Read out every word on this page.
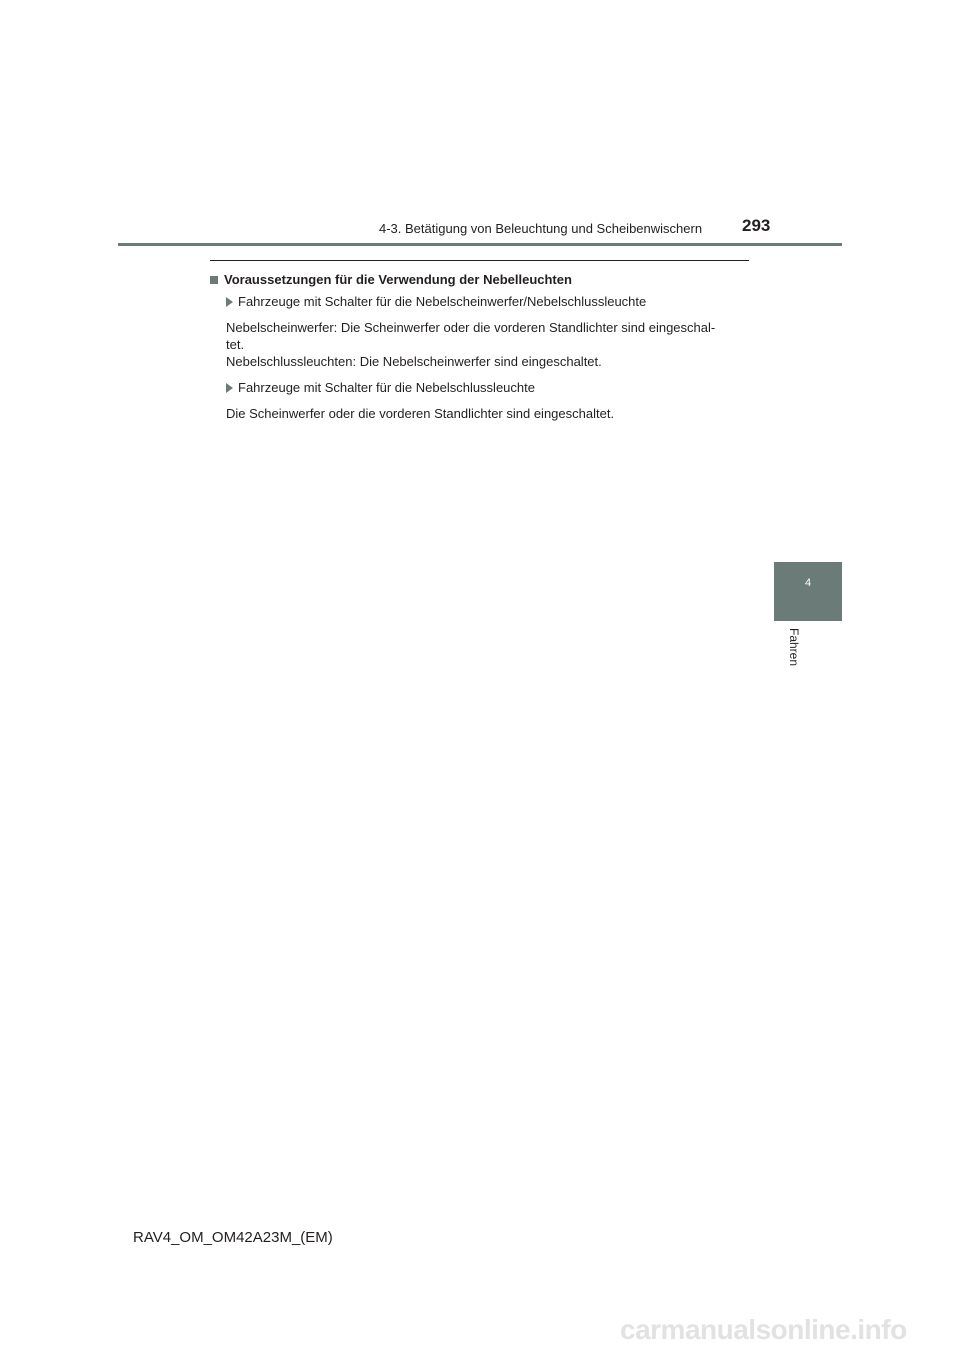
4-3. Betätigung von Beleuchtung und Scheibenwischern 293
Voraussetzungen für die Verwendung der Nebelleuchten
Fahrzeuge mit Schalter für die Nebelscheinwerfer/Nebelschlussleuchte

Nebelscheinwerfer: Die Scheinwerfer oder die vorderen Standlichter sind eingeschal-
tet.
Nebelschlussleuchten: Die Nebelscheinwerfer sind eingeschaltet.

Fahrzeuge mit Schalter für die Nebelschlussleuchte

Die Scheinwerfer oder die vorderen Standlichter sind eingeschaltet.

4
Fahren
RAV4_OM_OM42A23M_(EM)
carmanualsonline.info
